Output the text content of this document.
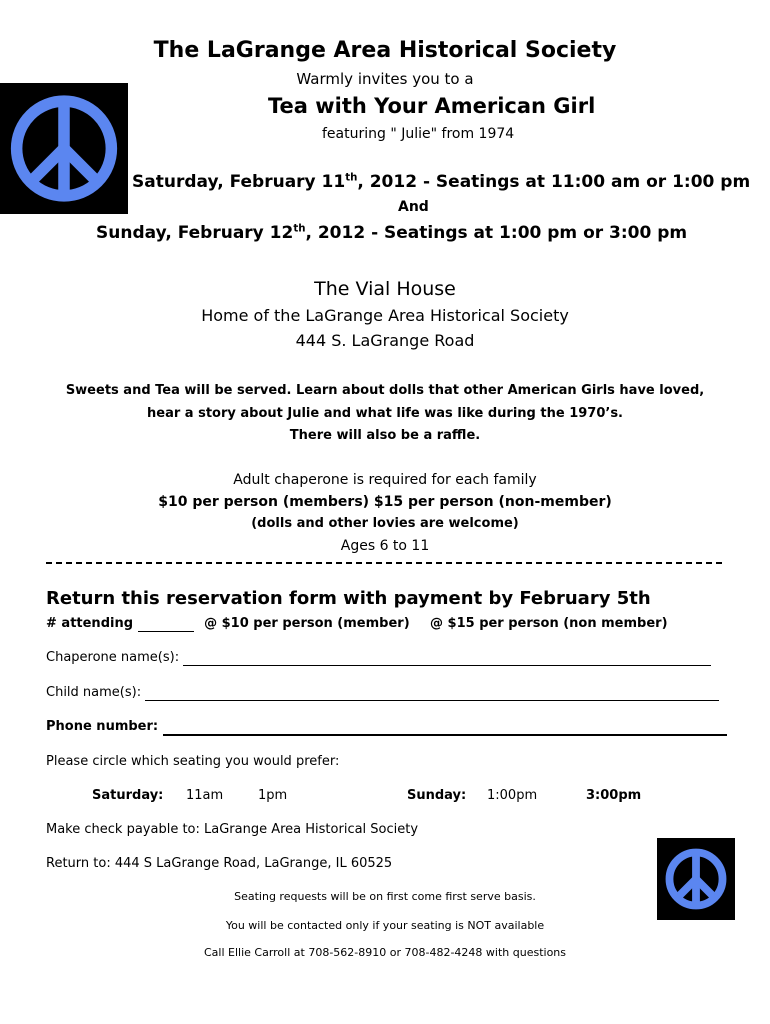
The LaGrange Area Historical Society
Warmly invites you to a
Tea with Your American Girl
featuring " Julie" from 1974
Saturday, February 11th, 2012 - Seatings at 11:00 am or 1:00 pm
And
Sunday, February 12th, 2012 - Seatings at 1:00 pm or 3:00 pm
The Vial House
Home of the LaGrange Area Historical Society
444 S. LaGrange Road
Sweets and Tea will be served. Learn about dolls that other American Girls have loved,
hear a story about Julie and what life was like during the 1970’s.
There will also be a raffle.
Adult chaperone is required for each family
$10 per person (members) $15 per person (non-member)
(dolls and other lovies are welcome)
Ages 6 to 11
Return this reservation form with payment by February 5th
# attending	@ $10 per person (member) @ $15 per person (non member)
Chaperone name(s):
Child name(s):
Phone number:
Please circle which seating you would prefer:
Saturday: 11am	1pm	Sunday: 1:00pm	3:00pm
Make check payable to: LaGrange Area Historical Society
Return to: 444 S LaGrange Road, LaGrange, IL 60525
Seating requests will be on first come first serve basis.
You will be contacted only if your seating is NOT available
Call Ellie Carroll at 708-562-8910 or 708-482-4248 with questions
